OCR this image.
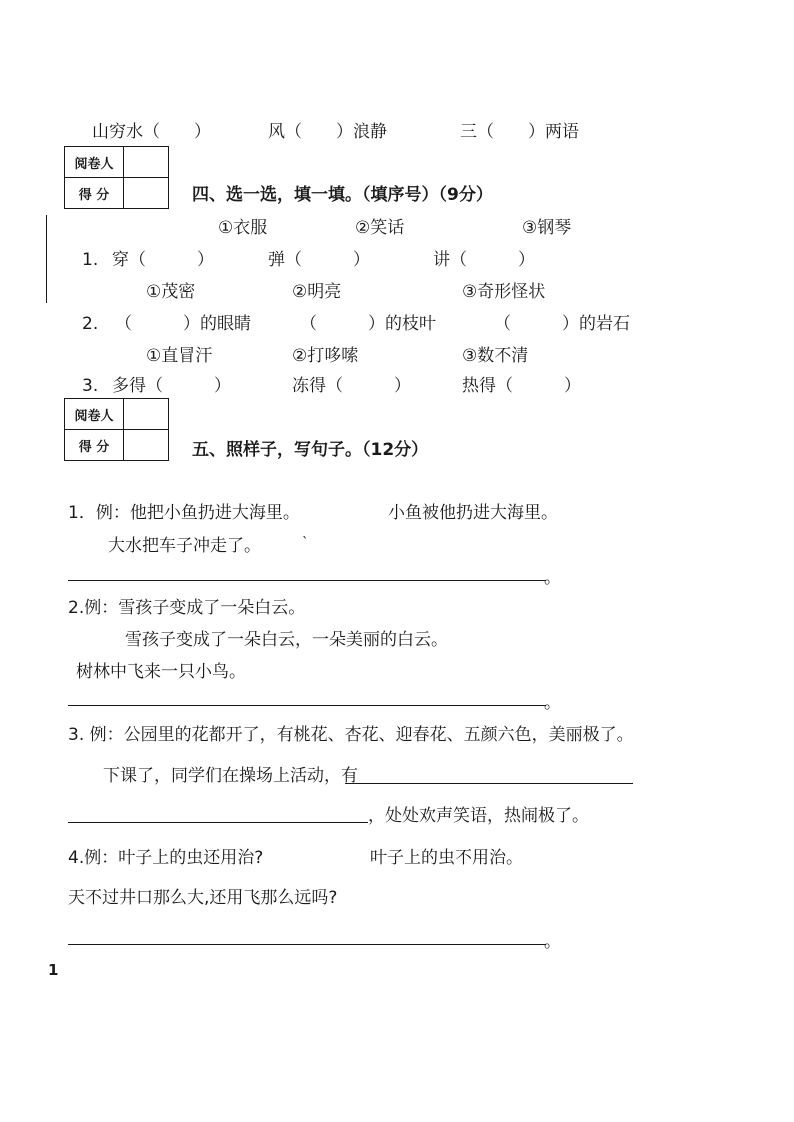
山穷水（　　）	风（　　）浪静	三（　　）两语
阅卷人	
得 分		四、选一选，填一填。（填序号）（9分）
①衣服	②笑话	③钢琴
1. 穿（　　　）	弹（　　　）	讲（　　　）
①茂密	②明亮	③奇形怪状
2. （　　　）的眼睛	（　　　）的枝叶	（　　　）的岩石
①直冒汗	②打哆嗦	③数不清
3. 多得（　　　）	冻得（　　　）	热得（　　　）
阅卷人	
得 分		五、照样子，写句子。（12分）
1．例：他把小鱼扔进大海里。	小鱼被他扔进大海里。
大水把车子冲走了。	ˋ
。
2.例：雪孩子变成了一朵白云。
雪孩子变成了一朵白云，一朵美丽的白云。
树林中飞来一只小鸟。
。
3. 例：公园里的花都开了，有桃花、杏花、迎春花、五颜六色，美丽极了。
下课了，同学们在操场上活动，有
，处处欢声笑语，热闹极了。
4.例：叶子上的虫还用治?	叶子上的虫不用治。
天不过井口那么大,还用飞那么远吗?
。
1
